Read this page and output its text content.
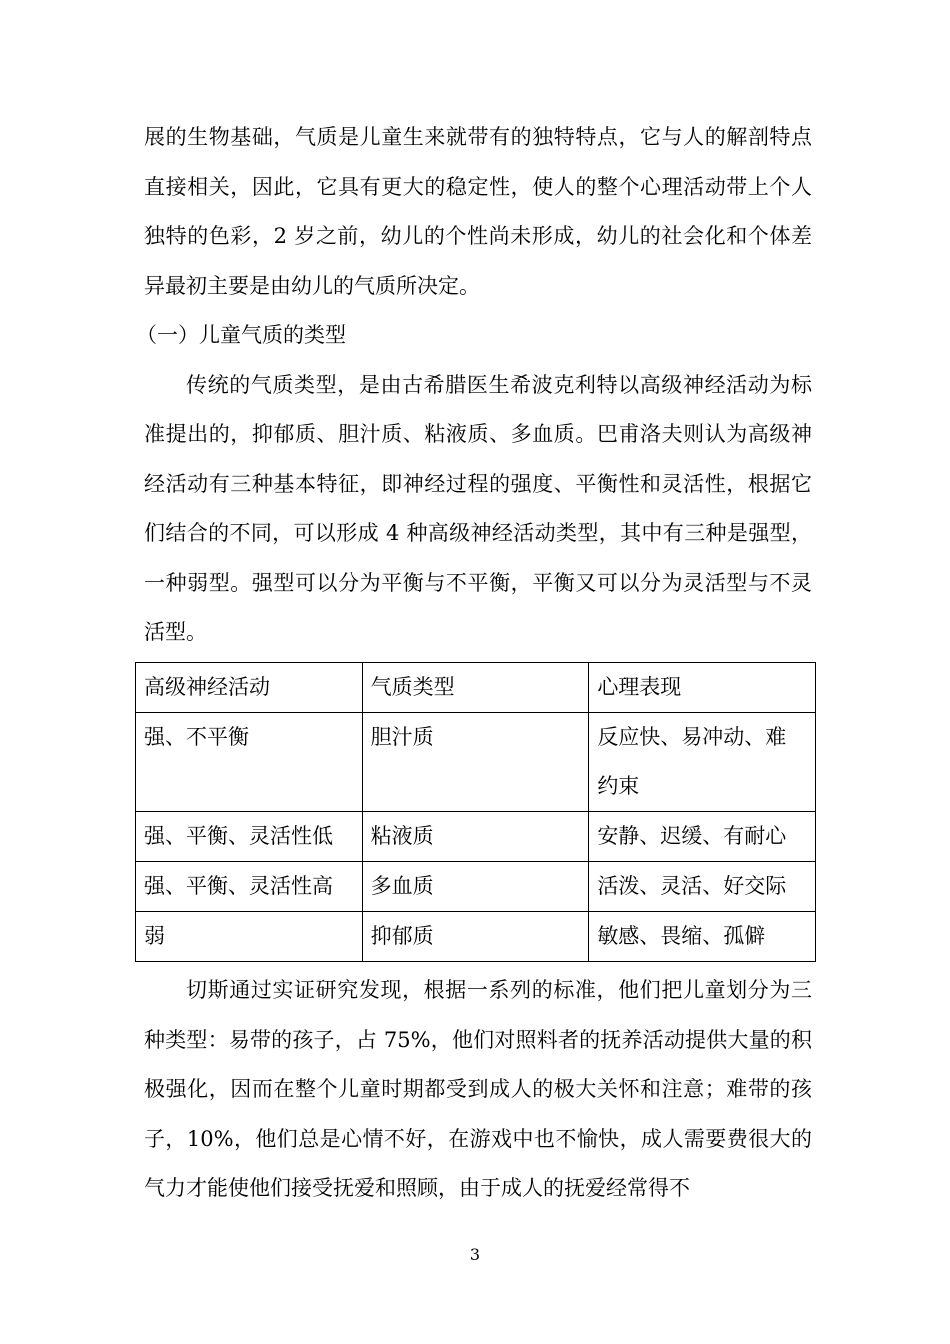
展的生物基础，气质是儿童生来就带有的独特特点，它与人的解剖特点直接相关，因此，它具有更大的稳定性，使人的整个心理活动带上个人独特的色彩，2 岁之前，幼儿的个性尚未形成，幼儿的社会化和个体差异最初主要是由幼儿的气质所决定。

（一）儿童气质的类型

传统的气质类型，是由古希腊医生希波克利特以高级神经活动为标准提出的，抑郁质、胆汁质、粘液质、多血质。巴甫洛夫则认为高级神经活动有三种基本特征，即神经过程的强度、平衡性和灵活性，根据它们结合的不同，可以形成 4 种高级神经活动类型，其中有三种是强型，一种弱型。强型可以分为平衡与不平衡，平衡又可以分为灵活型与不灵活型。

高级神经活动	气质类型	心理表现
强、不平衡	胆汁质	反应快、易冲动、难约束
强、平衡、灵活性低	粘液质	安静、迟缓、有耐心
强、平衡、灵活性高	多血质	活泼、灵活、好交际
弱	抑郁质	敏感、畏缩、孤僻

切斯通过实证研究发现，根据一系列的标准，他们把儿童划分为三种类型：易带的孩子，占 75%，他们对照料者的抚养活动提供大量的积极强化，因而在整个儿童时期都受到成人的极大关怀和注意；难带的孩子，10%，他们总是心情不好，在游戏中也不愉快，成人需要费很大的气力才能使他们接受抚爱和照顾，由于成人的抚爱经常得不

3
